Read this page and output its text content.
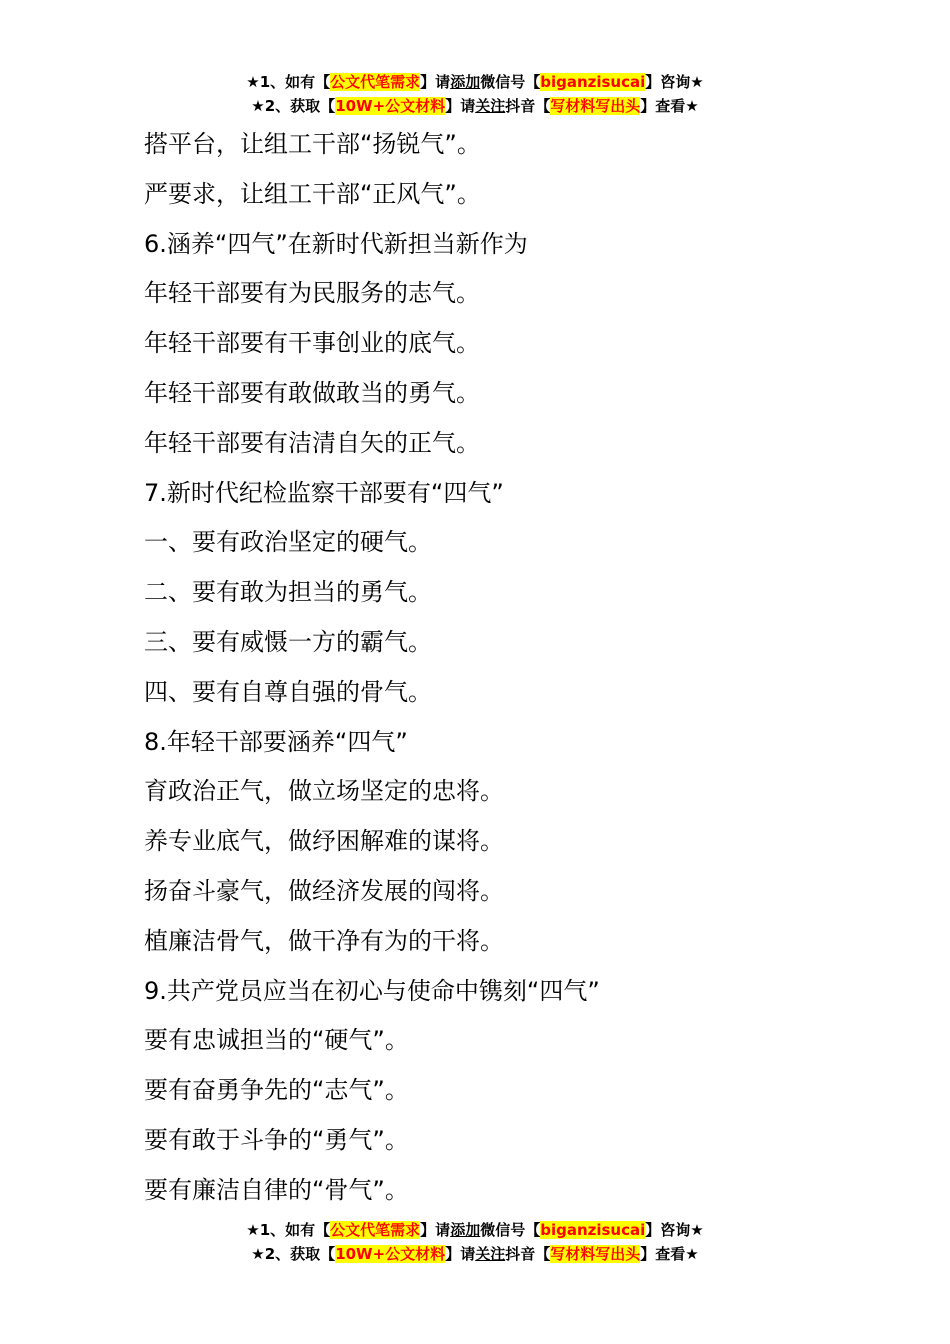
★1、如有【公文代笔需求】请添加微信号【biganzisucai】咨询★
★2、获取【10W+公文材料】请关注抖音【写材料写出头】查看★
搭平台，让组工干部“扬锐气”。
严要求，让组工干部“正风气”。
6.涵养“四气”在新时代新担当新作为
年轻干部要有为民服务的志气。
年轻干部要有干事创业的底气。
年轻干部要有敢做敢当的勇气。
年轻干部要有洁清自矢的正气。
7.新时代纪检监察干部要有“四气”
一、要有政治坚定的硬气。
二、要有敢为担当的勇气。
三、要有威慑一方的霸气。
四、要有自尊自强的骨气。
8.年轻干部要涵养“四气”
育政治正气，做立场坚定的忠将。
养专业底气，做纾困解难的谋将。
扬奋斗豪气，做经济发展的闯将。
植廉洁骨气，做干净有为的干将。
9.共产党员应当在初心与使命中镌刻“四气”
要有忠诚担当的“硬气”。
要有奋勇争先的“志气”。
要有敢于斗争的“勇气”。
要有廉洁自律的“骨气”。
★1、如有【公文代笔需求】请添加微信号【biganzisucai】咨询★
★2、获取【10W+公文材料】请关注抖音【写材料写出头】查看★
